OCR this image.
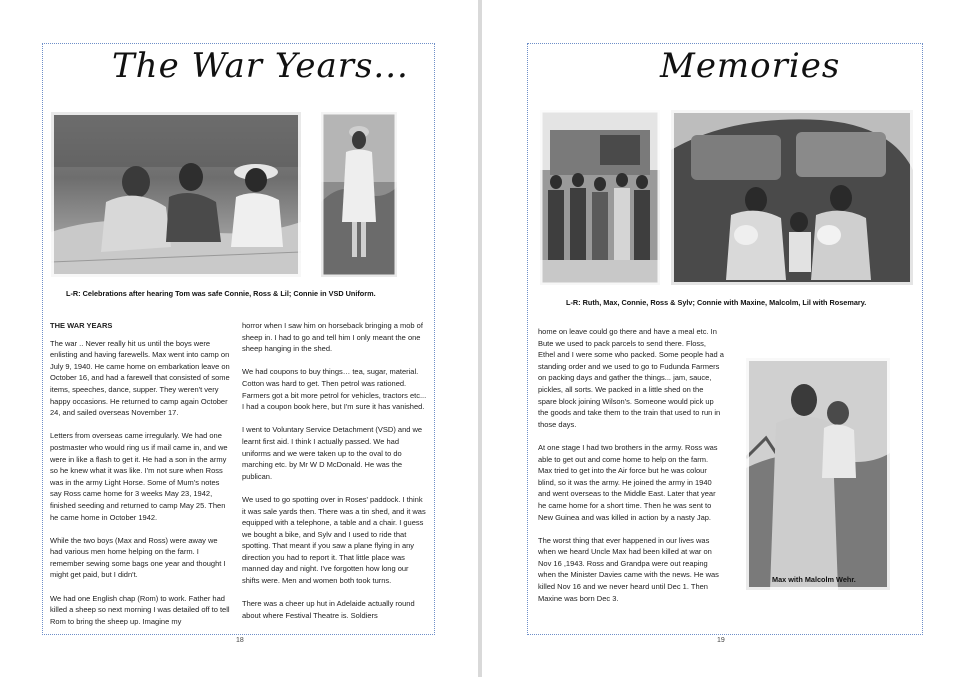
The War Years...

L-R: Celebrations after hearing Tom was safe Connie, Ross & Lil; Connie in VSD Uniform.

THE WAR YEARS

The war .. Never really hit us until the boys were enlisting and having farewells. Max went into camp on July 9, 1940. He came home on embarkation leave on October 16, and had a farewell that consisted of some items, speeches, dance, supper. They weren't very happy occasions. He returned to camp again October 24, and sailed overseas November 17.

Letters from overseas came irregularly. We had one postmaster who would ring us if mail came in, and we were in like a flash to get it. He had a son in the army so he knew what it was like. I'm not sure when Ross was in the army Light Horse. Some of Mum's notes say Ross came home for 3 weeks May 23, 1942, finished seeding and returned to camp May 25. Then he came home in October 1942.

While the two boys (Max and Ross) were away we had various men home helping on the farm. I remember sewing some bags one year and thought I might get paid, but I didn't.

We had one English chap (Rom) to work. Father had killed a sheep so next morning I was detailed off to tell Rom to bring the sheep up. Imagine my

horror when I saw him on horseback bringing a mob of sheep in. I had to go and tell him I only meant the one sheep hanging in the shed.

We had coupons to buy things… tea, sugar, material. Cotton was hard to get. Then petrol was rationed. Farmers got a bit more petrol for vehicles, tractors etc... I had a coupon book here, but I'm sure it has vanished.

I went to Voluntary Service Detachment (VSD) and we learnt first aid. I think I actually passed. We had uniforms and we were taken up to the oval to do marching etc. by Mr W D McDonald. He was the publican.

We used to go spotting over in Roses' paddock. I think it was sale yards then. There was a tin shed, and it was equipped with a telephone, a table and a chair. I guess we bought a bike, and Sylv and I used to ride that spotting. That meant if you saw a plane flying in any direction you had to report it. That little place was manned day and night. I've forgotten how long our shifts were. Men and women both took turns.

There was a cheer up hut in Adelaide actually round about where Festival Theatre is. Soldiers

18
Memories

L-R: Ruth, Max, Connie, Ross & Sylv; Connie with Maxine, Malcolm, Lil with Rosemary.

home on leave could go there and have a meal etc. In Bute we used to pack parcels to send there. Floss, Ethel and I were some who packed. Some people had a standing order and we used to go to Fudunda Farmers on packing days and gather the things... jam, sauce, pickles, all sorts. We packed in a little shed on the spare block joining Wilson's. Someone would pick up the goods and take them to the train that used to run in those days.

At one stage I had two brothers in the army. Ross was able to get out and come home to help on the farm. Max tried to get into the Air force but he was colour blind, so it was the army. He joined the army in 1940 and went overseas to the Middle East. Later that year he came home for a short time. Then he was sent to New Guinea and was killed in action by a nasty Jap.

The worst thing that ever happened in our lives was when we heard Uncle Max had been killed at war on Nov 16 ,1943. Ross and Grandpa were out reaping when the Minister Davies came with the news. He was killed Nov 16 and we never heard until Dec 1. Then Maxine was born Dec 3.

Max with Malcolm Wehr.

19
